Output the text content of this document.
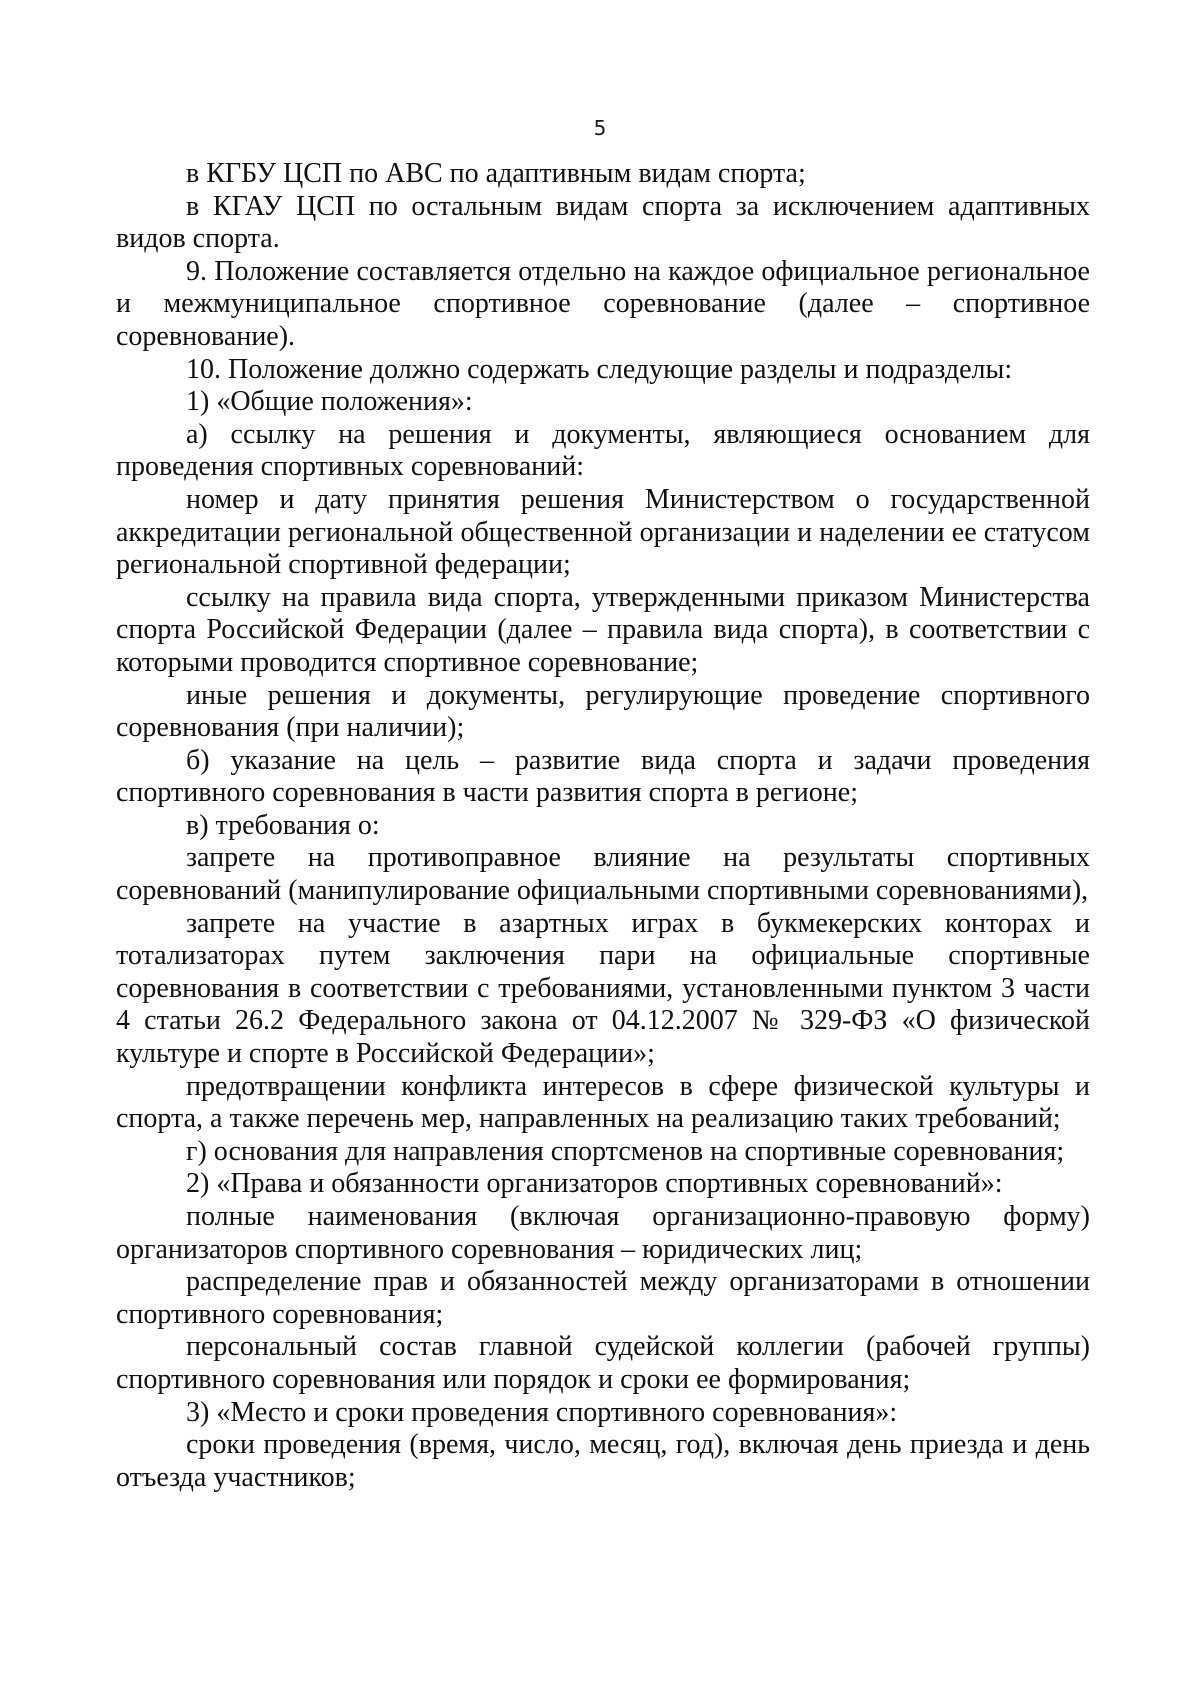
5

в КГБУ ЦСП по АВС по адаптивным видам спорта;

в КГАУ ЦСП по остальным видам спорта за исключением адаптивных видов спорта.

9. Положение составляется отдельно на каждое официальное региональное и межмуниципальное спортивное соревнование (далее – спортивное соревнование).

10. Положение должно содержать следующие разделы и подразделы:

1) «Общие положения»:

а) ссылку на решения и документы, являющиеся основанием для проведения спортивных соревнований:

номер и дату принятия решения Министерством о государственной аккредитации региональной общественной организации и наделении ее статусом региональной спортивной федерации;

ссылку на правила вида спорта, утвержденными приказом Министерства спорта Российской Федерации (далее – правила вида спорта), в соответствии с которыми проводится спортивное соревнование;

иные решения и документы, регулирующие проведение спортивного соревнования (при наличии);

б) указание на цель – развитие вида спорта и задачи проведения спортивного соревнования в части развития спорта в регионе;

в) требования о:

запрете на противоправное влияние на результаты спортивных соревнований (манипулирование официальными спортивными соревнованиями),

запрете на участие в азартных играх в букмекерских конторах и тотализаторах путем заключения пари на официальные спортивные соревнования в соответствии с требованиями, установленными пунктом 3 части 4 статьи 26.2 Федерального закона от 04.12.2007 № 329-ФЗ «О физической культуре и спорте в Российской Федерации»;

предотвращении конфликта интересов в сфере физической культуры и спорта, а также перечень мер, направленных на реализацию таких требований;

г) основания для направления спортсменов на спортивные соревнования;

2) «Права и обязанности организаторов спортивных соревнований»:

полные наименования (включая организационно-правовую форму) организаторов спортивного соревнования – юридических лиц;

распределение прав и обязанностей между организаторами в отношении спортивного соревнования;

персональный состав главной судейской коллегии (рабочей группы) спортивного соревнования или порядок и сроки ее формирования;

3) «Место и сроки проведения спортивного соревнования»:

сроки проведения (время, число, месяц, год), включая день приезда и день отъезда участников;
